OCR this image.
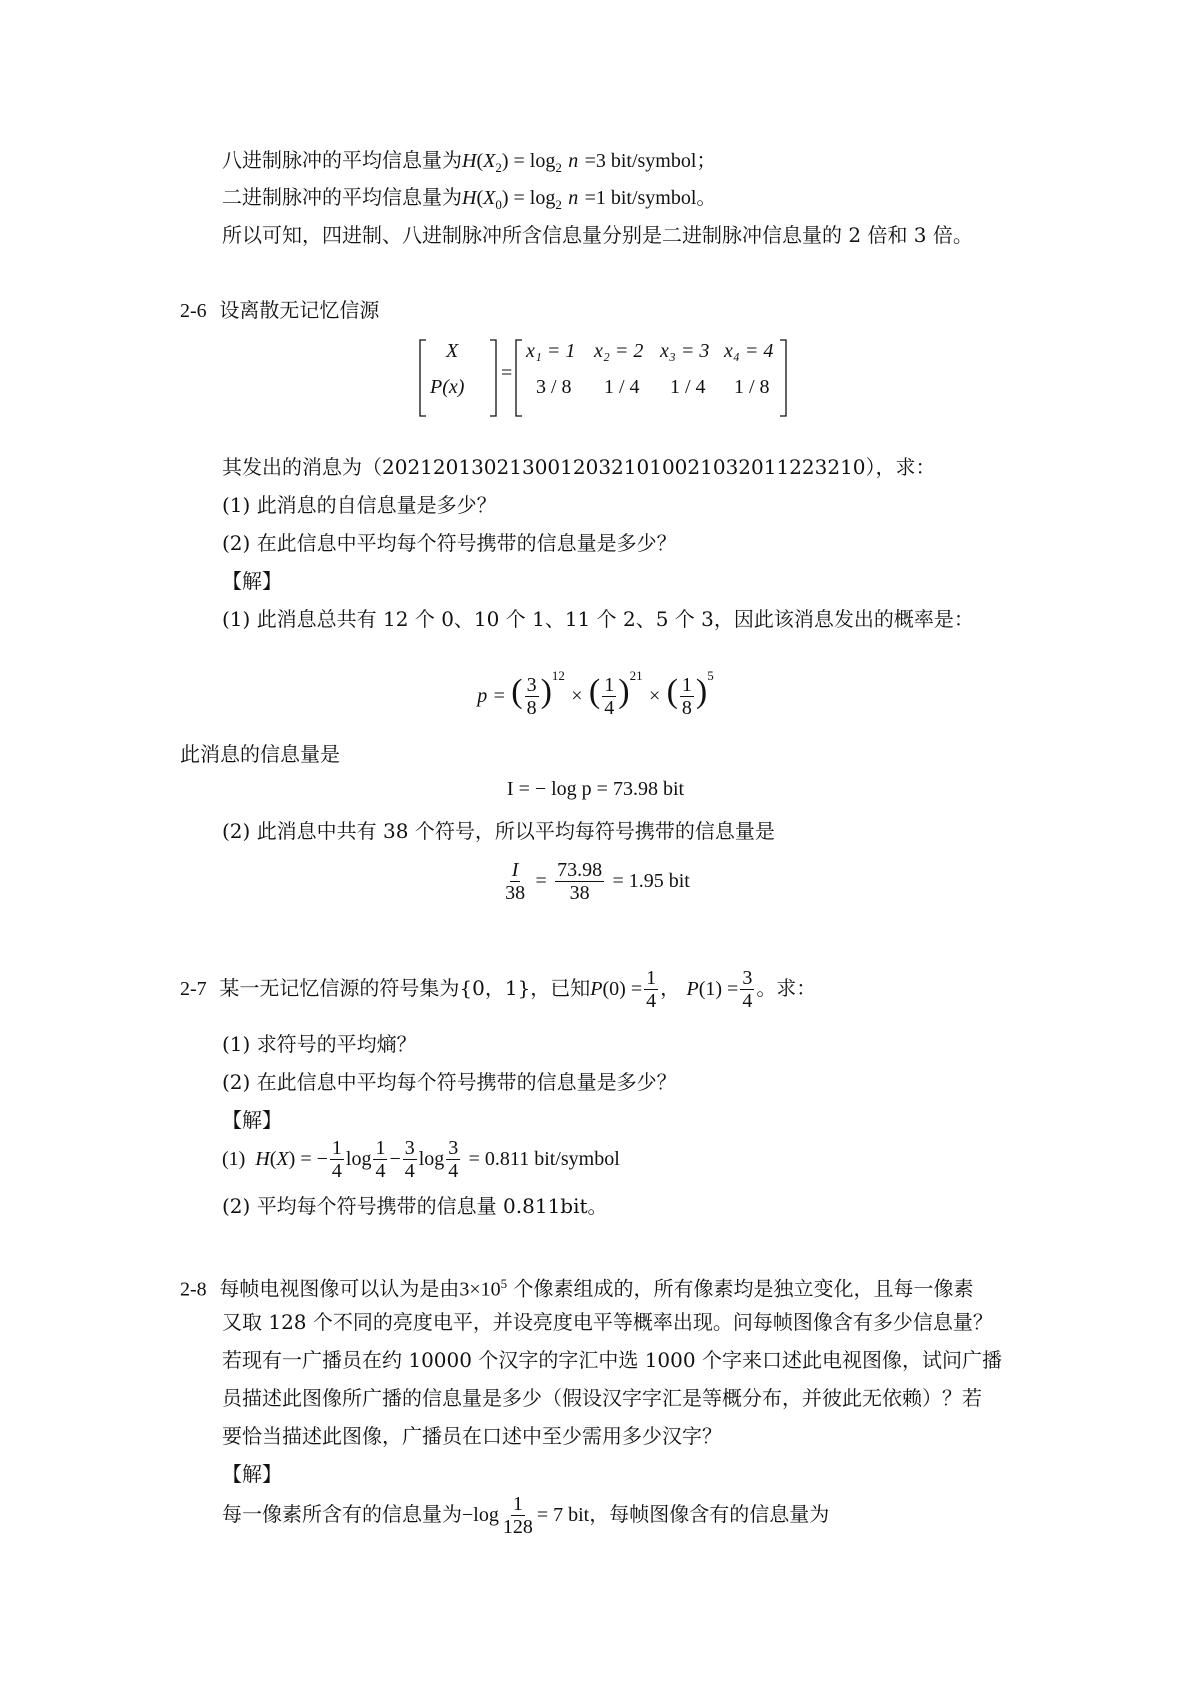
八进制脉冲的平均信息量为$H(X_2) = \log_2 n =3$ bit/symbol；
二进制脉冲的平均信息量为$H(X_0) = \log_2 n =1$ bit/symbol。
所以可知，四进制、八进制脉冲所含信息量分别是二进制脉冲信息量的 2 倍和 3 倍。
2-6 设离散无记忆信源
X
P(x)
=
x₁ = 1 x₂ = 2 x₃ = 3 x₄ = 4
3 / 8 1 / 4 1 / 4 1 / 8
其发出的消息为（202120130213001203210100210320112232​10），求：
(1) 此消息的自信息量是多少？
(2) 在此信息中平均每个符号携带的信息量是多少？
【解】
(1) 此消息总共有 12 个 0、10 个 1、11 个 2、5 个 3，因此该消息发出的概率是：
p = ( $\frac{3}{8} )^{12}$ × ( $\frac{1}{4} )^{21}$ × ( $\frac{1}{8} )^5$
此消息的信息量是
I = − log p = 73.98 bit
(2) 此消息中共有 38 个符号，所以平均每符号携带的信息量是
$\frac{I}{38} = \frac{73.98}{38} = 1.95$ bit
2-7 某一无记忆信源的符号集为{0，1}，已知$P(0) = \frac{1}{4}$ ， $P(1) = \frac{3}{4}$ 。求：
(1) 求符号的平均熵？
(2) 在此信息中平均每个符号携带的信息量是多少？
【解】
(1)  H(X) = − $\frac{1}{4}$ $\log \frac{1}{4} - \frac{3}{4}$ $\log \frac{3}{4} = 0.811$ bit/symbol
(2) 平均每个符号携带的信息量 0.811bit。
2-8 每帧电视图像可以认为是由$3\times 10^5$ 个像素组成的，所有像素均是独立变化，且每一像素
又取 128 个不同的亮度电平，并设亮度电平等概率出现。问每帧图像含有多少信息量？
若现有一广播员在约 10000 个汉字的字汇中选 1000 个字来口述此电视图像，试问广播
员描述此图像所广播的信息量是多少（假设汉字字汇是等概分布，并彼此无依赖）？若
要恰当描述此图像，广播员在口述中至少需用多少汉字？
【解】
每一像素所含有的信息量为$-\log \frac{1}{128} = 7$ bit，每帧图像含有的信息量为
